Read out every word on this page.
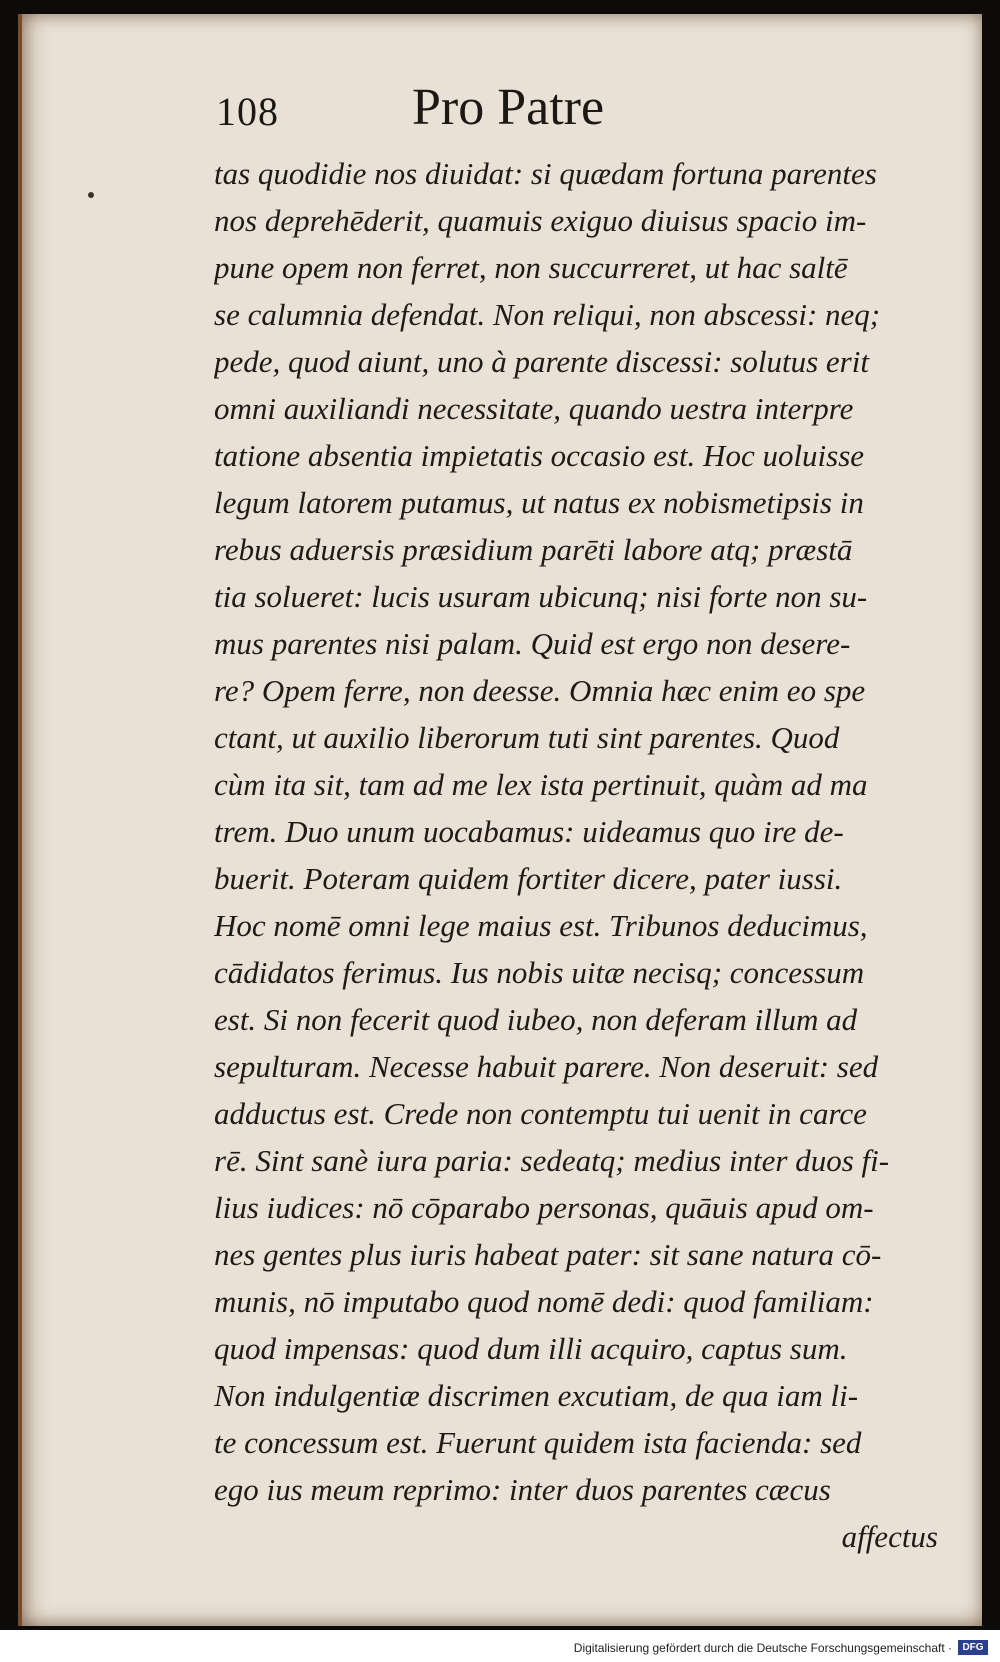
108	Pro Patre
tas quodidie nos diuidat: si quædam fortuna parentes
nos deprehēderit, quamuis exiguo diuisus spacio im-
pune opem non ferret, non succurreret, ut hac saltē
se calumnia defendat. Non reliqui, non abscessi: neq;
pede, quod aiunt, uno à parente discessi: solutus erit
omni auxiliandi necessitate, quando uestra interpre
tatione absentia impietatis occasio est. Hoc uoluisse
legum latorem putamus, ut natus ex nobismetipsis in
rebus aduersis præsidium parēti labore atq; præstā
tia solueret: lucis usuram ubicunq; nisi forte non su-
mus parentes nisi palam. Quid est ergo non desere-
re? Opem ferre, non deesse. Omnia hæc enim eo spe
ctant, ut auxilio liberorum tuti sint parentes. Quod
cùm ita sit, tam ad me lex ista pertinuit, quàm ad ma
trem. Duo unum uocabamus: uideamus quo ire de-
buerit. Poteram quidem fortiter dicere, pater iussi.
Hoc nomē omni lege maius est. Tribunos deducimus,
cādidatos ferimus. Ius nobis uitæ necisq; concessum
est. Si non fecerit quod iubeo, non deferam illum ad
sepulturam. Necesse habuit parere. Non deseruit: sed
adductus est. Crede non contemptu tui uenit in carce
rē. Sint sanè iura paria: sedeatq; medius inter duos fi-
lius iudices: nō cōparabo personas, quāuis apud om-
nes gentes plus iuris habeat pater: sit sane natura cō-
munis, nō imputabo quod nomē dedi: quod familiam:
quod impensas: quod dum illi acquiro, captus sum.
Non indulgentiæ discrimen excutiam, de qua iam li-
te concessum est. Fuerunt quidem ista facienda: sed
ego ius meum reprimo: inter duos parentes cæcus
affectus
Digitalisierung gefördert durch die Deutsche Forschungsgemeinschaft ·	DFG
